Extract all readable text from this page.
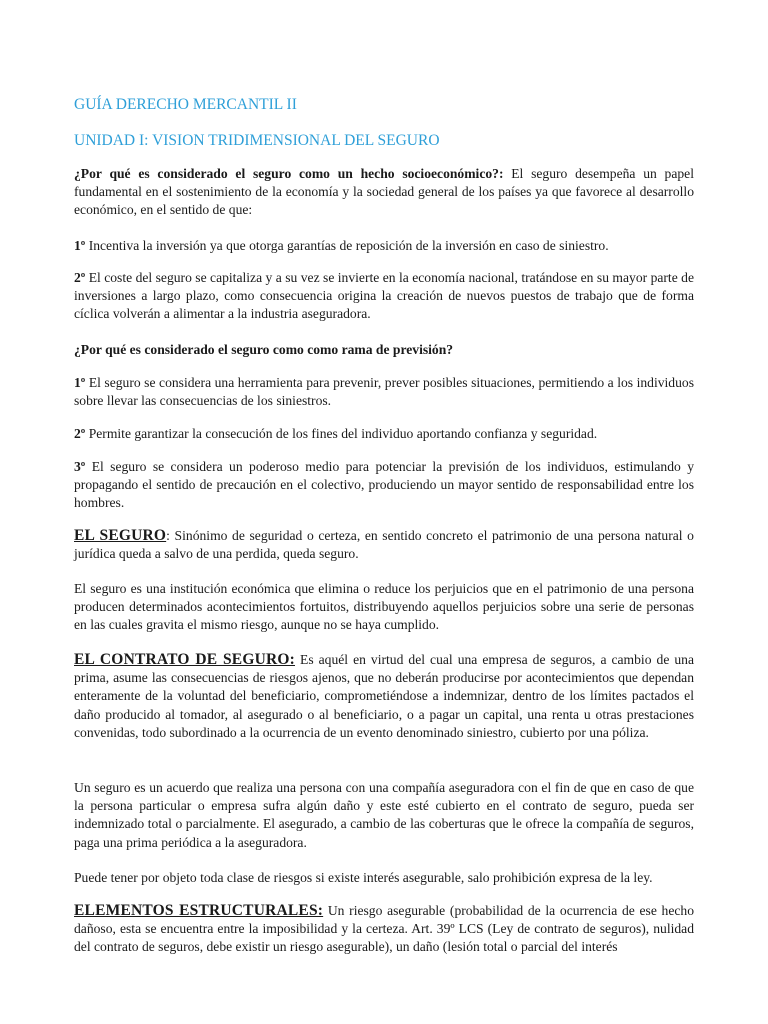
GUÍA DERECHO MERCANTIL II
UNIDAD I: VISION TRIDIMENSIONAL DEL SEGURO

¿Por qué es considerado el seguro como un hecho socioeconómico?: El seguro desempeña un papel fundamental en el sostenimiento de la economía y la sociedad general de los países ya que favorece al desarrollo económico, en el sentido de que:

1º Incentiva la inversión ya que otorga garantías de reposición de la inversión en caso de siniestro.

2º El coste del seguro se capitaliza y a su vez se invierte en la economía nacional, tratándose en su mayor parte de inversiones a largo plazo, como consecuencia origina la creación de nuevos puestos de trabajo que de forma cíclica volverán a alimentar a la industria aseguradora.

¿Por qué es considerado el seguro como como rama de previsión?

1º El seguro se considera una herramienta para prevenir, prever posibles situaciones, permitiendo a los individuos sobre llevar las consecuencias de los siniestros.

2º Permite garantizar la consecución de los fines del individuo aportando confianza y seguridad.

3º El seguro se considera un poderoso medio para potenciar la previsión de los individuos, estimulando y propagando el sentido de precaución en el colectivo, produciendo un mayor sentido de responsabilidad entre los hombres.

EL SEGURO: Sinónimo de seguridad o certeza, en sentido concreto el patrimonio de una persona natural o jurídica queda a salvo de una perdida, queda seguro.

El seguro es una institución económica que elimina o reduce los perjuicios que en el patrimonio de una persona producen determinados acontecimientos fortuitos, distribuyendo aquellos perjuicios sobre una serie de personas en las cuales gravita el mismo riesgo, aunque no se haya cumplido.

EL CONTRATO DE SEGURO: Es aquél en virtud del cual una empresa de seguros, a cambio de una prima, asume las consecuencias de riesgos ajenos, que no deberán producirse por acontecimientos que dependan enteramente de la voluntad del beneficiario, comprometiéndose a indemnizar, dentro de los límites pactados el daño producido al tomador, al asegurado o al beneficiario, o a pagar un capital, una renta u otras prestaciones convenidas, todo subordinado a la ocurrencia de un evento denominado siniestro, cubierto por una póliza.

Un seguro es un acuerdo que realiza una persona con una compañía aseguradora con el fin de que en caso de que la persona particular o empresa sufra algún daño y este esté cubierto en el contrato de seguro, pueda ser indemnizado total o parcialmente. El asegurado, a cambio de las coberturas que le ofrece la compañía de seguros, paga una prima periódica a la aseguradora.

Puede tener por objeto toda clase de riesgos si existe interés asegurable, salo prohibición expresa de la ley.

ELEMENTOS ESTRUCTURALES: Un riesgo asegurable (probabilidad de la ocurrencia de ese hecho dañoso, esta se encuentra entre la imposibilidad y la certeza. Art. 39º LCS (Ley de contrato de seguros), nulidad del contrato de seguros, debe existir un riesgo asegurable), un daño (lesión total o parcial del interés
